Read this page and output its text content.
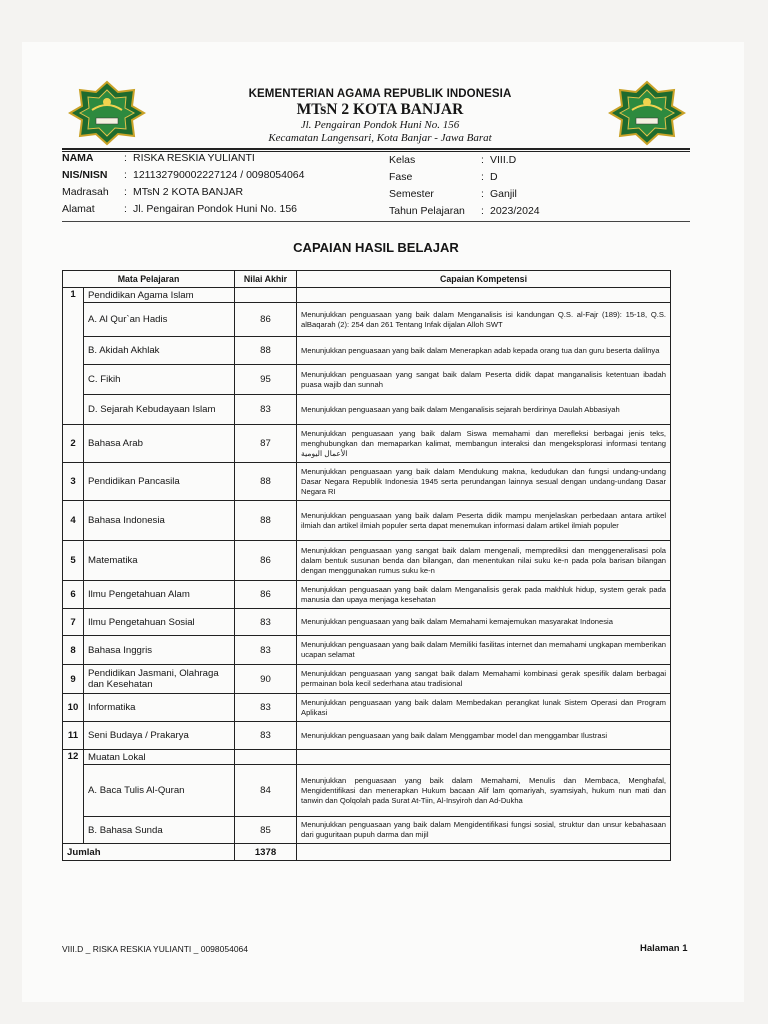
KEMENTERIAN AGAMA REPUBLIK INDONESIA
MTsN 2 KOTA BANJAR
Jl. Pengairan Pondok Huni No. 156
Kecamatan Langensari, Kota Banjar - Jawa Barat
NAMA	: RISKA RESKIA YULIANTI
NIS/NISN : 121132790002227124 / 0098054064
Madrasah : MTsN 2 KOTA BANJAR
Alamat	: Jl. Pengairan Pondok Huni No. 156
Kelas	: VIII.D
Fase	: D
Semester	: Ganjil
Tahun Pelajaran : 2023/2024
CAPAIAN HASIL BELAJAR
Mata Pelajaran		Nilai Akhir	Capaian Kompetensi
1	Pendidikan Agama Islam		
	A. Al Qur`an Hadis	86	Menunjukkan penguasaan yang baik dalam Menganalisis isi kandungan Q.S. al-Fajr (189): 15-18, Q.S. alBaqarah (2): 254 dan 261 Tentang Infak dijalan Alloh SWT
	B. Akidah Akhlak	88	Menunjukkan penguasaan yang baik dalam Menerapkan adab kepada orang tua dan guru beserta dalilnya
	C. Fikih	95	Menunjukkan penguasaan yang sangat baik dalam Peserta didik dapat manganalisis ketentuan ibadah puasa wajib dan sunnah
	D. Sejarah Kebudayaan Islam	83	Menunjukkan penguasaan yang baik dalam Menganalisis sejarah berdirinya Daulah Abbasiyah
2	Bahasa Arab	87	Menunjukkan penguasaan yang baik dalam Siswa memahami dan merefleksi berbagai jenis teks, menghubungkan dan memaparkan kalimat, membangun interaksi dan mengeksplorasi informasi tentang الأعمال اليومية
3	Pendidikan Pancasila	88	Menunjukkan penguasaan yang baik dalam Mendukung makna, kedudukan dan fungsi undang-undang Dasar Negara Republik Indonesia 1945 serta perundangan lainnya sesual dengan undang-undang Dasar Negara RI
4	Bahasa Indonesia	88	Menunjukkan penguasaan yang baik dalam Peserta didik mampu menjelaskan perbedaan antara artikel ilmiah dan artikel ilmiah populer serta dapat menemukan informasi dalam artikel ilmiah populer
5	Matematika	86	Menunjukkan penguasaan yang sangat baik dalam mengenali, memprediksi dan menggeneralisasi pola dalam bentuk susunan benda dan bilangan, dan menentukan nilai suku ke-n pada pola barisan bilangan dengan menggunakan rumus suku ke-n
6	Ilmu Pengetahuan Alam	86	Menunjukkan penguasaan yang baik dalam Menganalisis gerak pada makhluk hidup, system gerak pada manusia dan upaya menjaga kesehatan
7	Ilmu Pengetahuan Sosial	83	Menunjukkan penguasaan yang baik dalam Memahami kemajemukan masyarakat Indonesia
8	Bahasa Inggris	83	Menunjukkan penguasaan yang baik dalam Memiliki fasilitas internet dan memahami ungkapan memberikan ucapan selamat
9	Pendidikan Jasmani, Olahraga dan Kesehatan	90	Menunjukkan penguasaan yang sangat baik dalam Memahami kombinasi gerak spesifik dalam berbagai permainan bola kecil sederhana atau tradisional
10	Informatika	83	Menunjukkan penguasaan yang baik dalam Membedakan perangkat lunak Sistem Operasi dan Program Aplikasi
11	Seni Budaya / Prakarya	83	Menunjukkan penguasaan yang baik dalam Menggambar model dan menggambar Ilustrasi
12	Muatan Lokal		
	A. Baca Tulis Al-Quran	84	Menunjukkan penguasaan yang baik dalam Memahami, Menulis dan Membaca, Menghafal, Mengidentifikasi dan menerapkan Hukum bacaan Alif lam qomariyah, syamsiyah, hukum nun mati dan tanwin dan Qolqolah pada Surat At-Tiin, Al-Insyiroh dan Ad-Dukha
	B. Bahasa Sunda	85	Menunjukkan penguasaan yang baik dalam Mengidentifikasi fungsi sosial, struktur dan unsur kebahasaan dari guguritaan pupuh darma dan mijil
Jumlah		1378	
VIII.D _ RISKA RESKIA YULIANTI _ 0098054064	Halaman 1
